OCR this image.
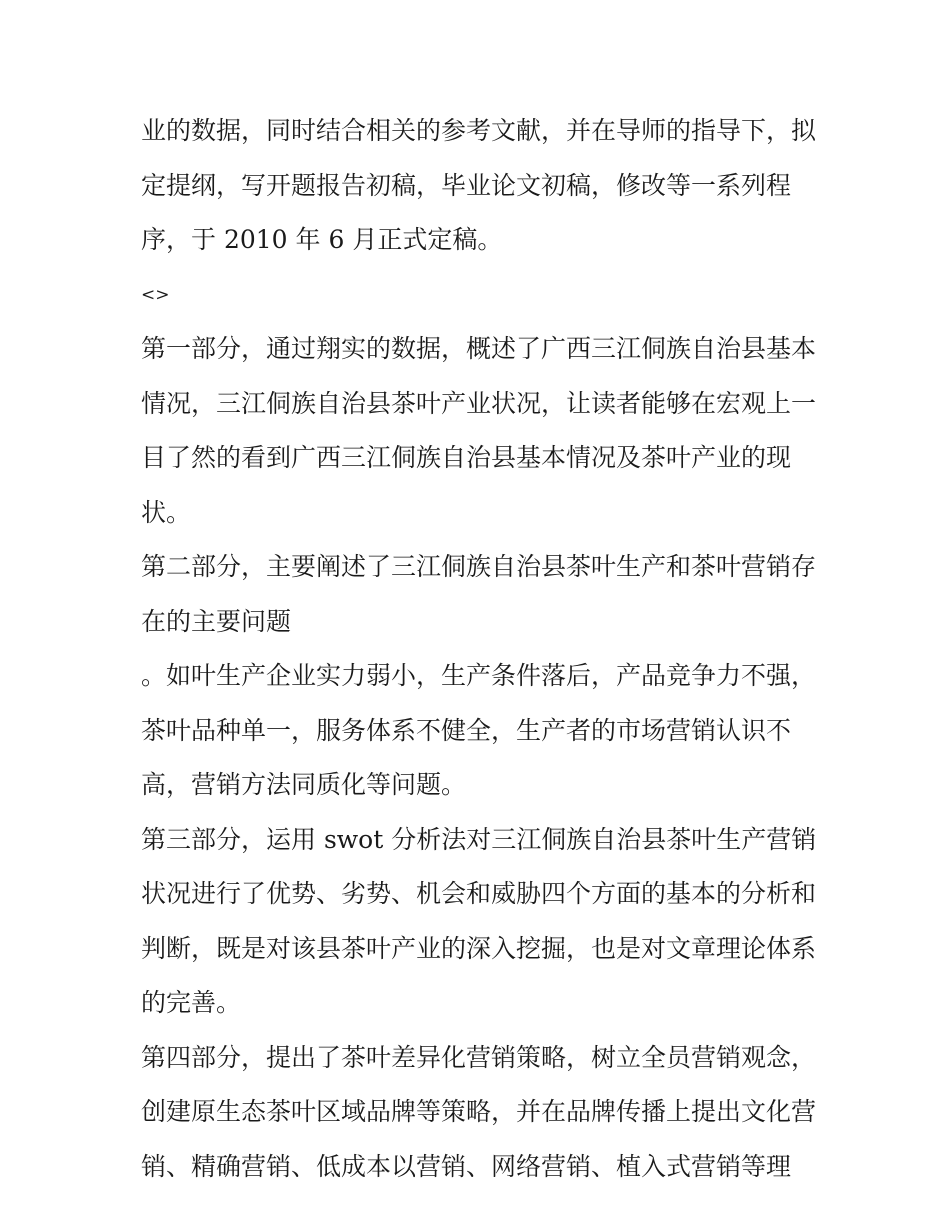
业的数据，同时结合相关的参考文献，并在导师的指导下，拟
定提纲，写开题报告初稿，毕业论文初稿，修改等一系列程
序，于 2010 年 6 月正式定稿。
<>
第一部分，通过翔实的数据，概述了广西三江侗族自治县基本
情况，三江侗族自治县茶叶产业状况，让读者能够在宏观上一
目了然的看到广西三江侗族自治县基本情况及茶叶产业的现
状。
第二部分，主要阐述了三江侗族自治县茶叶生产和茶叶营销存
在的主要问题
。如叶生产企业实力弱小，生产条件落后，产品竞争力不强，
茶叶品种单一，服务体系不健全，生产者的市场营销认识不
高，营销方法同质化等问题。
第三部分，运用 swot 分析法对三江侗族自治县茶叶生产营销
状况进行了优势、劣势、机会和威胁四个方面的基本的分析和
判断，既是对该县茶叶产业的深入挖掘，也是对文章理论体系
的完善。
第四部分，提出了茶叶差异化营销策略，树立全员营销观念，
创建原生态茶叶区域品牌等策略，并在品牌传播上提出文化营
销、精确营销、低成本以营销、网络营销、植入式营销等理
